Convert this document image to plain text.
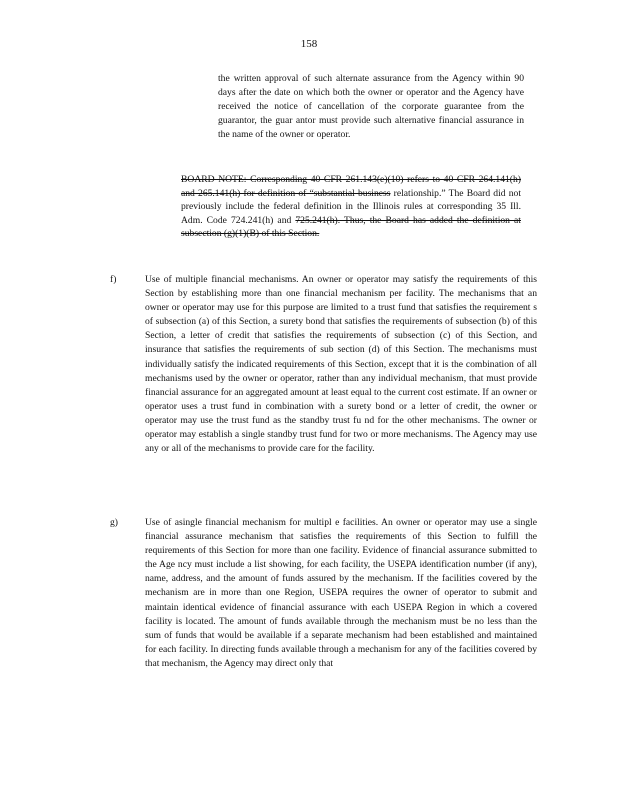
158

the written approval of such alternate assurance from the Agency within 90 days after the date on which both the owner or operator and the Agency have received the notice of cancellation of the corporate guarantee from the guarantor, the guar antor must provide such alternative financial assurance in the name of the owner or operator.

BOARD NOTE: Corresponding 40 CFR 261.143(e)(10) refers to 40 CFR 264.141(h) and 265.141(h) for definition of “substantial business relationship.” The Board did not previously include the federal definition in the Illinois rules at corresponding 35 Ill. Adm. Code 724.241(h) and 725.241(h). Thus, the Board has added the definition at subsection (g)(1)(B) of this Section.

f)	Use of multiple financial mechanisms. An owner or operator may satisfy the requirements of this Section by establishing more than one financial mechanism per facility. The mechanisms that an owner or operator may use for this purpose are limited to a trust fund that satisfies the requirement s of subsection (a) of this Section, a surety bond that satisfies the requirements of subsection (b) of this Section, a letter of credit that satisfies the requirements of subsection (c) of this Section, and insurance that satisfies the requirements of sub section (d) of this Section. The mechanisms must individually satisfy the indicated requirements of this Section, except that it is the combination of all mechanisms used by the owner or operator, rather than any individual mechanism, that must provide financial assurance for an aggregated amount at least equal to the current cost estimate. If an owner or operator uses a trust fund in combination with a surety bond or a letter of credit, the owner or operator may use the trust fund as the standby trust fu nd for the other mechanisms. The owner or operator may establish a single standby trust fund for two or more mechanisms. The Agency may use any or all of the mechanisms to provide care for the facility.

g)	Use of asingle financial mechanism for multipl e facilities. An owner or operator may use a single financial assurance mechanism that satisfies the requirements of this Section to fulfill the requirements of this Section for more than one facility. Evidence of financial assurance submitted to the Age ncy must include a list showing, for each facility, the USEPA identification number (if any), name, address, and the amount of funds assured by the mechanism. If the facilities covered by the mechanism are in more than one Region, USEPA requires the owner of operator to submit and maintain identical evidence of financial assurance with each USEPA Region in which a covered facility is located. The amount of funds available through the mechanism must be no less than the sum of funds that would be available if a separate mechanism had been established and maintained for each facility. In directing funds available through a mechanism for any of the facilities covered by that mechanism, the Agency may direct only that
